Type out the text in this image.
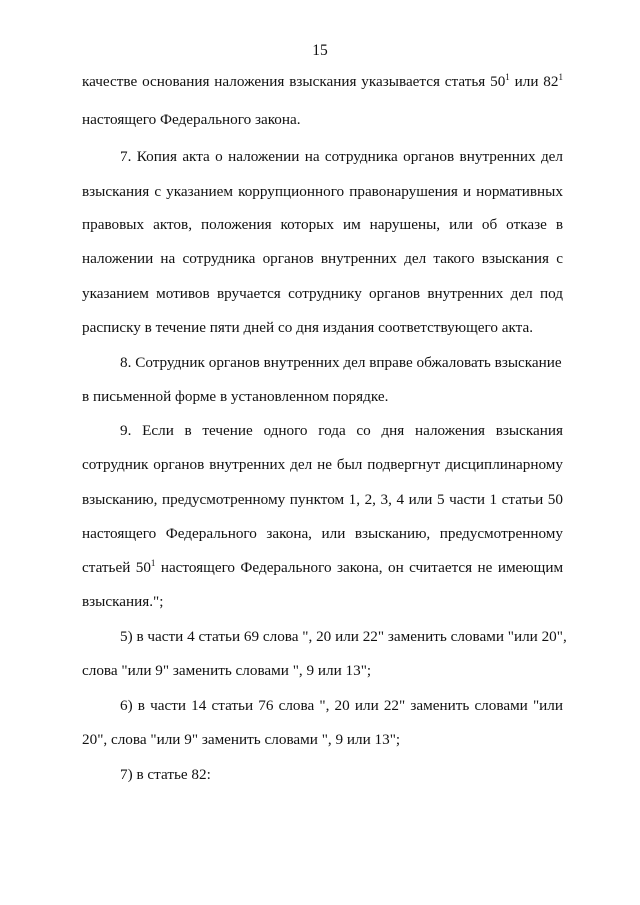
15
качестве основания наложения взыскания указывается статья $50^1$ или $82^1$
настоящего Федерального закона.
7. Копия акта о наложении на сотрудника органов внутренних дел
взыскания с указанием коррупционного правонарушения и нормативных
правовых актов, положения которых им нарушены, или об отказе в
наложении на сотрудника органов внутренних дел такого взыскания с
указанием мотивов вручается сотруднику органов внутренних дел под
расписку в течение пяти дней со дня издания соответствующего акта.
8. Сотрудник органов внутренних дел вправе обжаловать взыскание
в письменной форме в установленном порядке.
9. Если в течение одного года со дня наложения взыскания
сотрудник органов внутренних дел не был подвергнут дисциплинарному
взысканию, предусмотренному пунктом 1, 2, 3, 4 или 5 части 1 статьи 50
настоящего Федерального закона, или взысканию, предусмотренному
статьей $50^1$ настоящего Федерального закона, он считается не имеющим
взыскания.";
5) в части 4 статьи 69 слова ", 20 или 22" заменить словами "или 20",
слова "или 9" заменить словами ", 9 или 13";
6) в части 14 статьи 76 слова ", 20 или 22" заменить словами "или
20", слова "или 9" заменить словами ", 9 или 13";
7) в статье 82:
